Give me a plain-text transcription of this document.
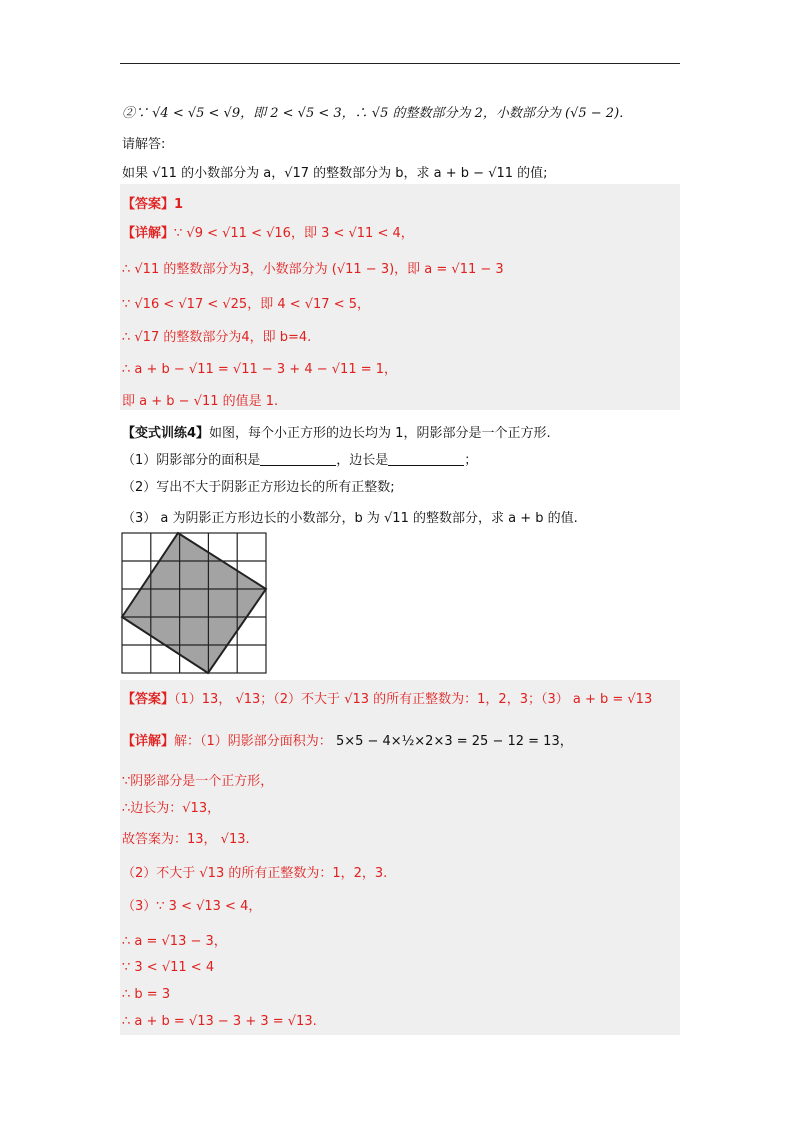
②∵ √4 < √5 < √9，即 2 < √5 < 3，∴ √5 的整数部分为 2，小数部分为 (√5 − 2)．
请解答:
如果 √11 的小数部分为 a，√17 的整数部分为 b，求 a + b − √11 的值;
【答案】1
【详解】∵ √9 < √11 < √16，即 3 < √11 < 4，
∴ √11 的整数部分为3，小数部分为 (√11 − 3)，即 a = √11 − 3
∵ √16 < √17 < √25，即 4 < √17 < 5，
∴ √17 的整数部分为4，即 b=4.
∴ a + b − √11 = √11 − 3 + 4 − √11 = 1，
即 a + b − √11 的值是 1.
【变式训练4】如图，每个小正方形的边长均为 1，阴影部分是一个正方形.
（1）阴影部分的面积是	，边长是	；
（2）写出不大于阴影正方形边长的所有正整数;
（3） a 为阴影正方形边长的小数部分，b 为 √11 的整数部分，求 a + b 的值.
【答案】（1）13， √13；（2）不大于 √13 的所有正整数为：1，2，3；（3） a + b = √13
【详解】解：（1）阴影部分面积为： 5×5 − 4×½×2×3 = 25 − 12 = 13，
∵阴影部分是一个正方形，
∴边长为：√13，
故答案为：13， √13.
（2）不大于 √13 的所有正整数为：1，2，3.
（3）∵ 3 < √13 < 4，
∴ a = √13 − 3，
∵ 3 < √11 < 4
∴ b = 3
∴ a + b = √13 − 3 + 3 = √13.
